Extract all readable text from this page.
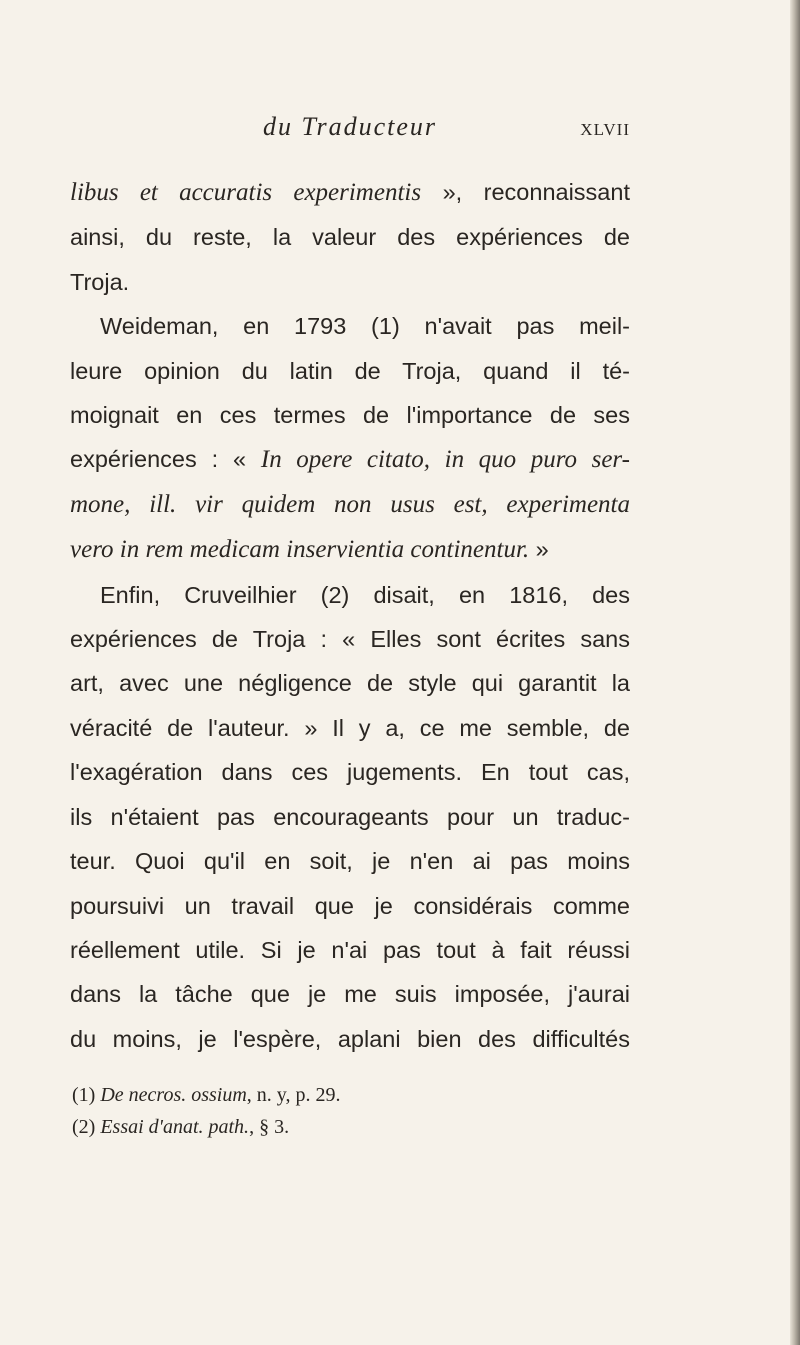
du Traducteur	XLVII
libus et accuratis experimentis », reconnaissant
ainsi, du reste, la valeur des expériences de
Troja.
Weideman, en 1793 (1) n'avait pas meil-
leure opinion du latin de Troja, quand il té-
moignait en ces termes de l'importance de ses
expériences : « In opere citato, in quo puro ser-
mone, ill. vir quidem non usus est, experimenta
vero in rem medicam inservientia continentur. »
Enfin, Cruveilhier (2) disait, en 1816, des
expériences de Troja : « Elles sont écrites sans
art, avec une négligence de style qui garantit la
véracité de l'auteur. » Il y a, ce me semble, de
l'exagération dans ces jugements. En tout cas,
ils n'étaient pas encourageants pour un traduc-
teur. Quoi qu'il en soit, je n'en ai pas moins
poursuivi un travail que je considérais comme
réellement utile. Si je n'ai pas tout à fait réussi
dans la tâche que je me suis imposée, j'aurai
du moins, je l'espère, aplani bien des difficultés
(1) De necros. ossium, n. y, p. 29.
(2) Essai d'anat. path., § 3.
